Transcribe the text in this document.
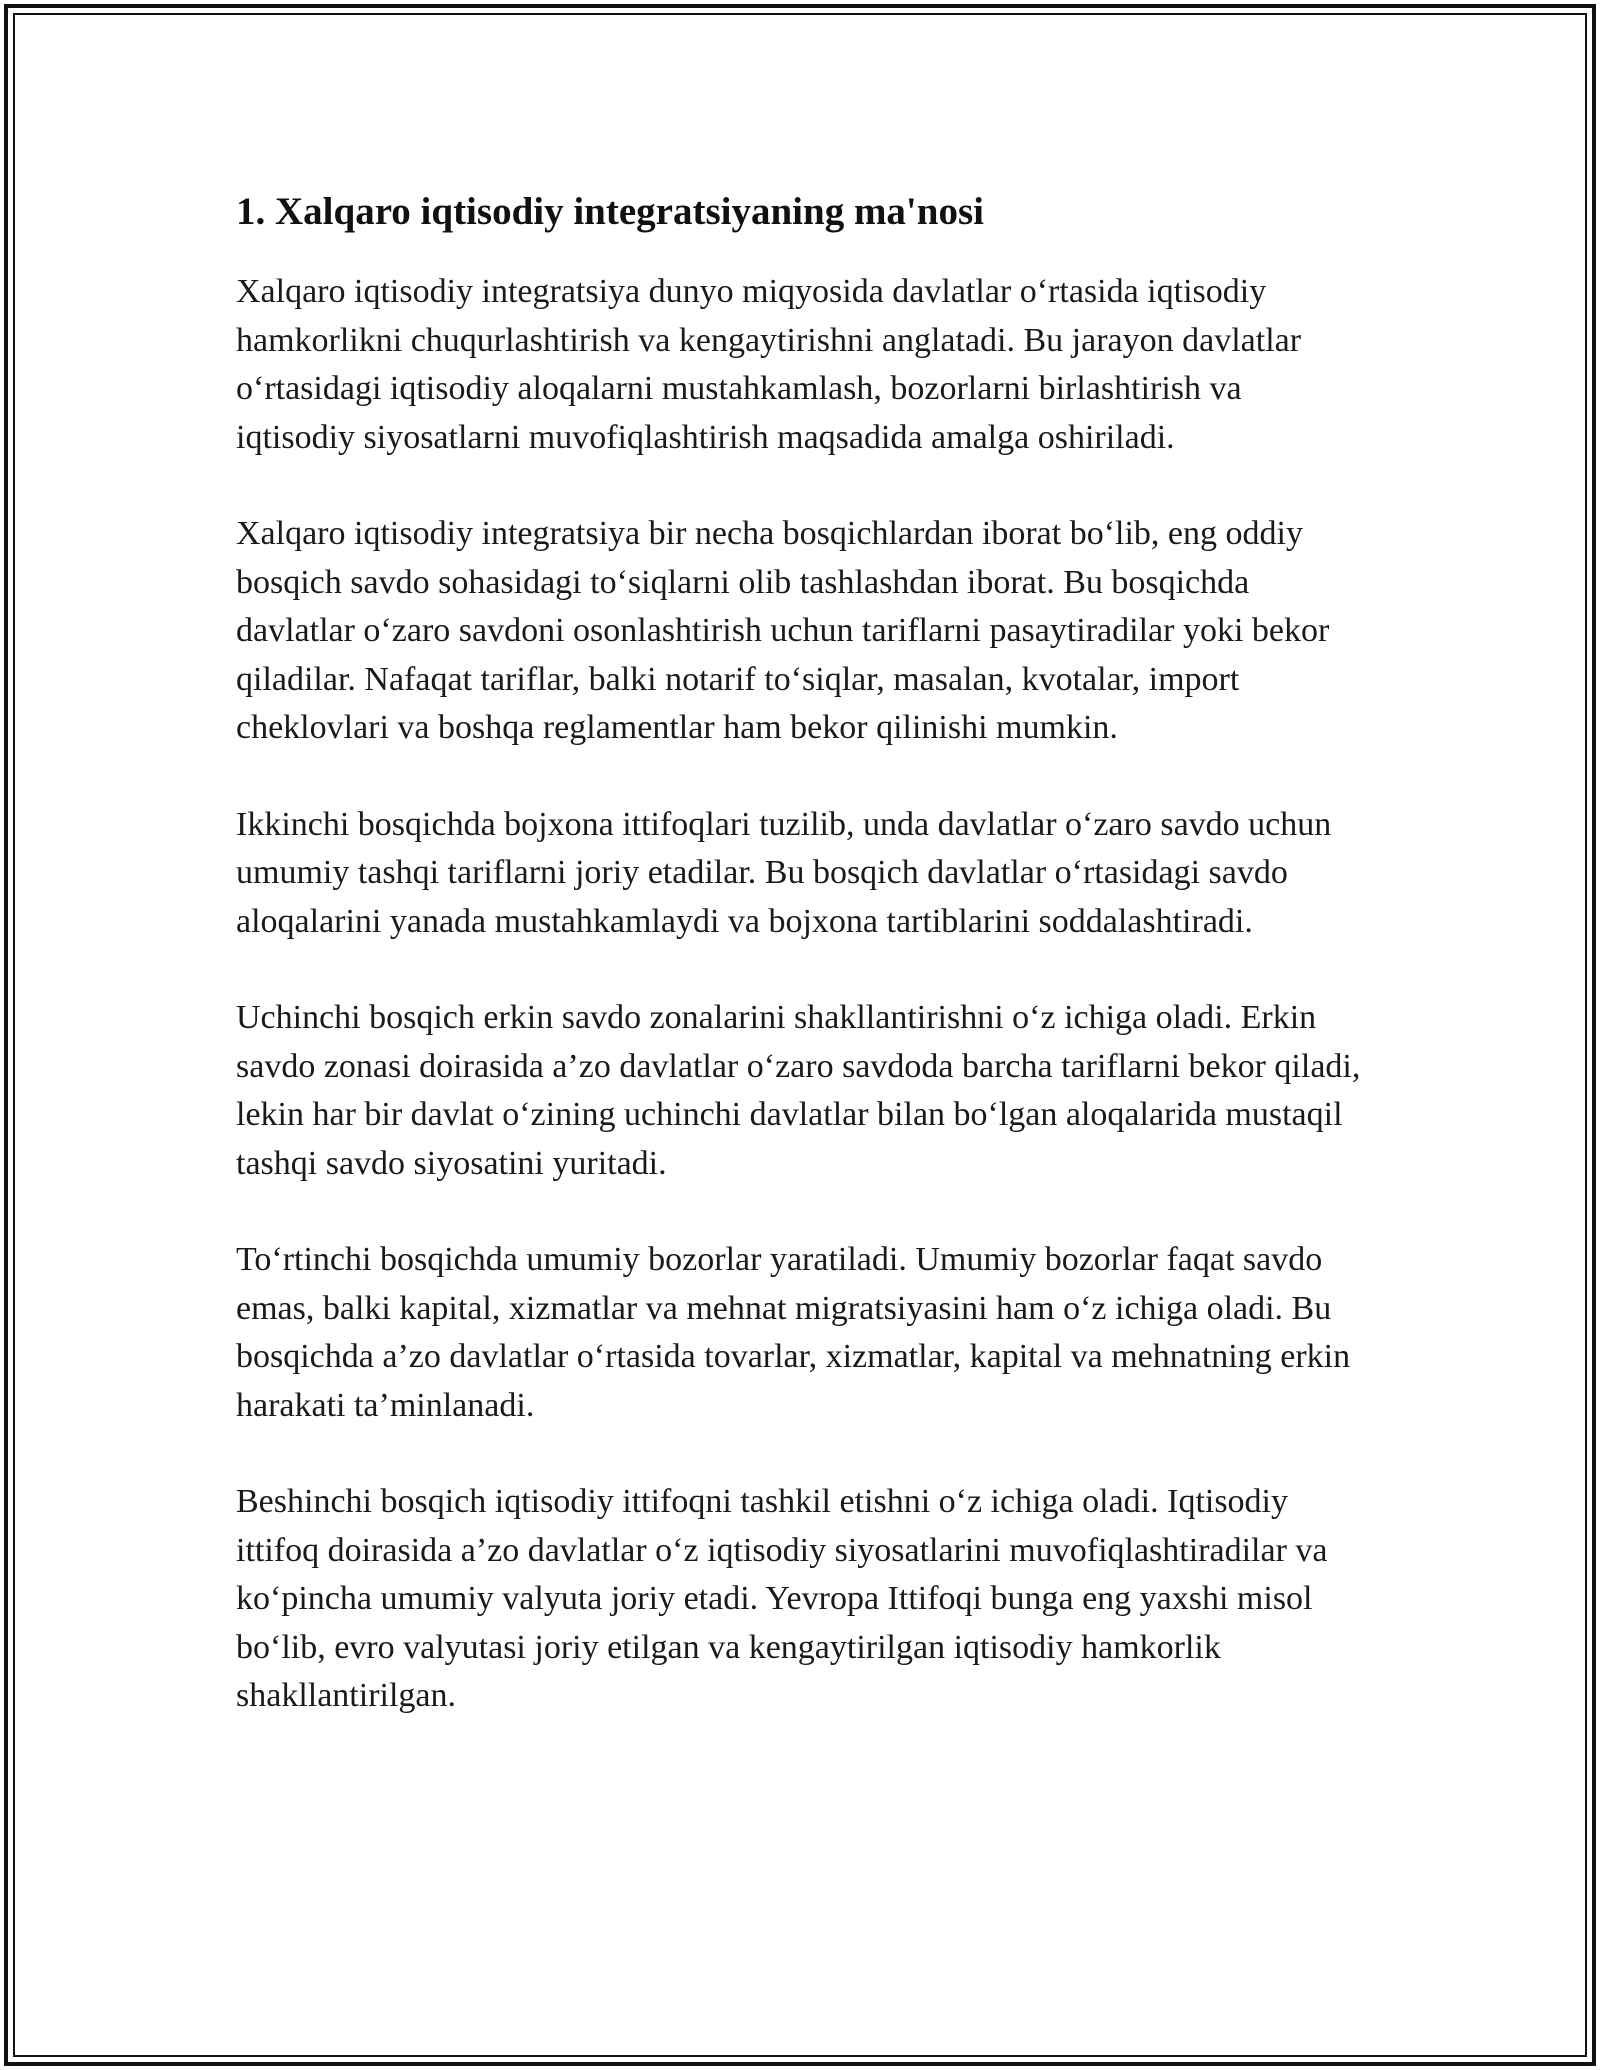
1. Xalqaro iqtisodiy integratsiyaning ma'nosi

Xalqaro iqtisodiy integratsiya dunyo miqyosida davlatlar o‘rtasida iqtisodiy hamkorlikni chuqurlashtirish va kengaytirishni anglatadi. Bu jarayon davlatlar o‘rtasidagi iqtisodiy aloqalarni mustahkamlash, bozorlarni birlashtirish va iqtisodiy siyosatlarni muvofiqlashtirish maqsadida amalga oshiriladi.

Xalqaro iqtisodiy integratsiya bir necha bosqichlardan iborat bo‘lib, eng oddiy bosqich savdo sohasidagi to‘siqlarni olib tashlashdan iborat. Bu bosqichda davlatlar o‘zaro savdoni osonlashtirish uchun tariflarni pasaytiradilar yoki bekor qiladilar. Nafaqat tariflar, balki notarif to‘siqlar, masalan, kvotalar, import cheklovlari va boshqa reglamentlar ham bekor qilinishi mumkin.

Ikkinchi bosqichda bojxona ittifoqlari tuzilib, unda davlatlar o‘zaro savdo uchun umumiy tashqi tariflarni joriy etadilar. Bu bosqich davlatlar o‘rtasidagi savdo aloqalarini yanada mustahkamlaydi va bojxona tartiblarini soddalashtiradi.

Uchinchi bosqich erkin savdo zonalarini shakllantirishni o‘z ichiga oladi. Erkin savdo zonasi doirasida a’zo davlatlar o‘zaro savdoda barcha tariflarni bekor qiladi, lekin har bir davlat o‘zining uchinchi davlatlar bilan bo‘lgan aloqalarida mustaqil tashqi savdo siyosatini yuritadi.

To‘rtinchi bosqichda umumiy bozorlar yaratiladi. Umumiy bozorlar faqat savdo emas, balki kapital, xizmatlar va mehnat migratsiyasini ham o‘z ichiga oladi. Bu bosqichda a’zo davlatlar o‘rtasida tovarlar, xizmatlar, kapital va mehnatning erkin harakati ta’minlanadi.

Beshinchi bosqich iqtisodiy ittifoqni tashkil etishni o‘z ichiga oladi. Iqtisodiy ittifoq doirasida a’zo davlatlar o‘z iqtisodiy siyosatlarini muvofiqlashtiradilar va ko‘pincha umumiy valyuta joriy etadi. Yevropa Ittifoqi bunga eng yaxshi misol bo‘lib, evro valyutasi joriy etilgan va kengaytirilgan iqtisodiy hamkorlik shakllantirilgan.
